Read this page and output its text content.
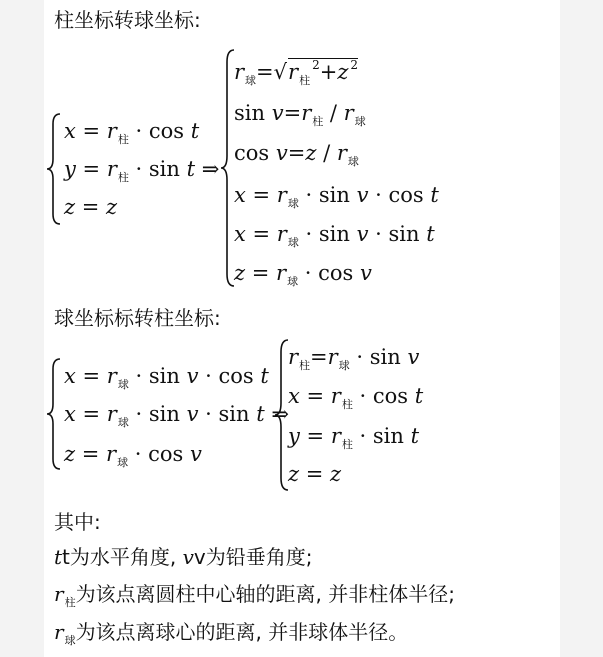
柱坐标转球坐标:
$x = r_柱 \cdot \cos t$
$y = r_柱 \cdot \sin t$ ⇒
z = z
$r_球=√r_柱^2+z$ $^2$
$\sin v=r_柱 / r_球$
$\cos v=z / r_球$
$x = r_球 \cdot \sin v \cdot \cos t$
$x = r_球 \cdot \sin v \cdot \sin t$
$z = r_球 \cdot \cos v$
球坐标标转柱坐标:
$x = r_球 \cdot \sin v \cdot \cos t$
$x = r_球 \cdot \sin v \cdot \sin t$ ⇒
$z = r_球 \cdot \cos v$
$r_柱=r_球 \cdot \sin v$
$x = r_柱 \cdot \cos t$
$y = r_柱 \cdot \sin t$
z = z
其中:
tt为水平角度, vv为铅垂角度;
$r_柱$为该点离圆柱中心轴的距离, 并非柱体半径;
$r_球$为该点离球心的距离, 并非球体半径。
